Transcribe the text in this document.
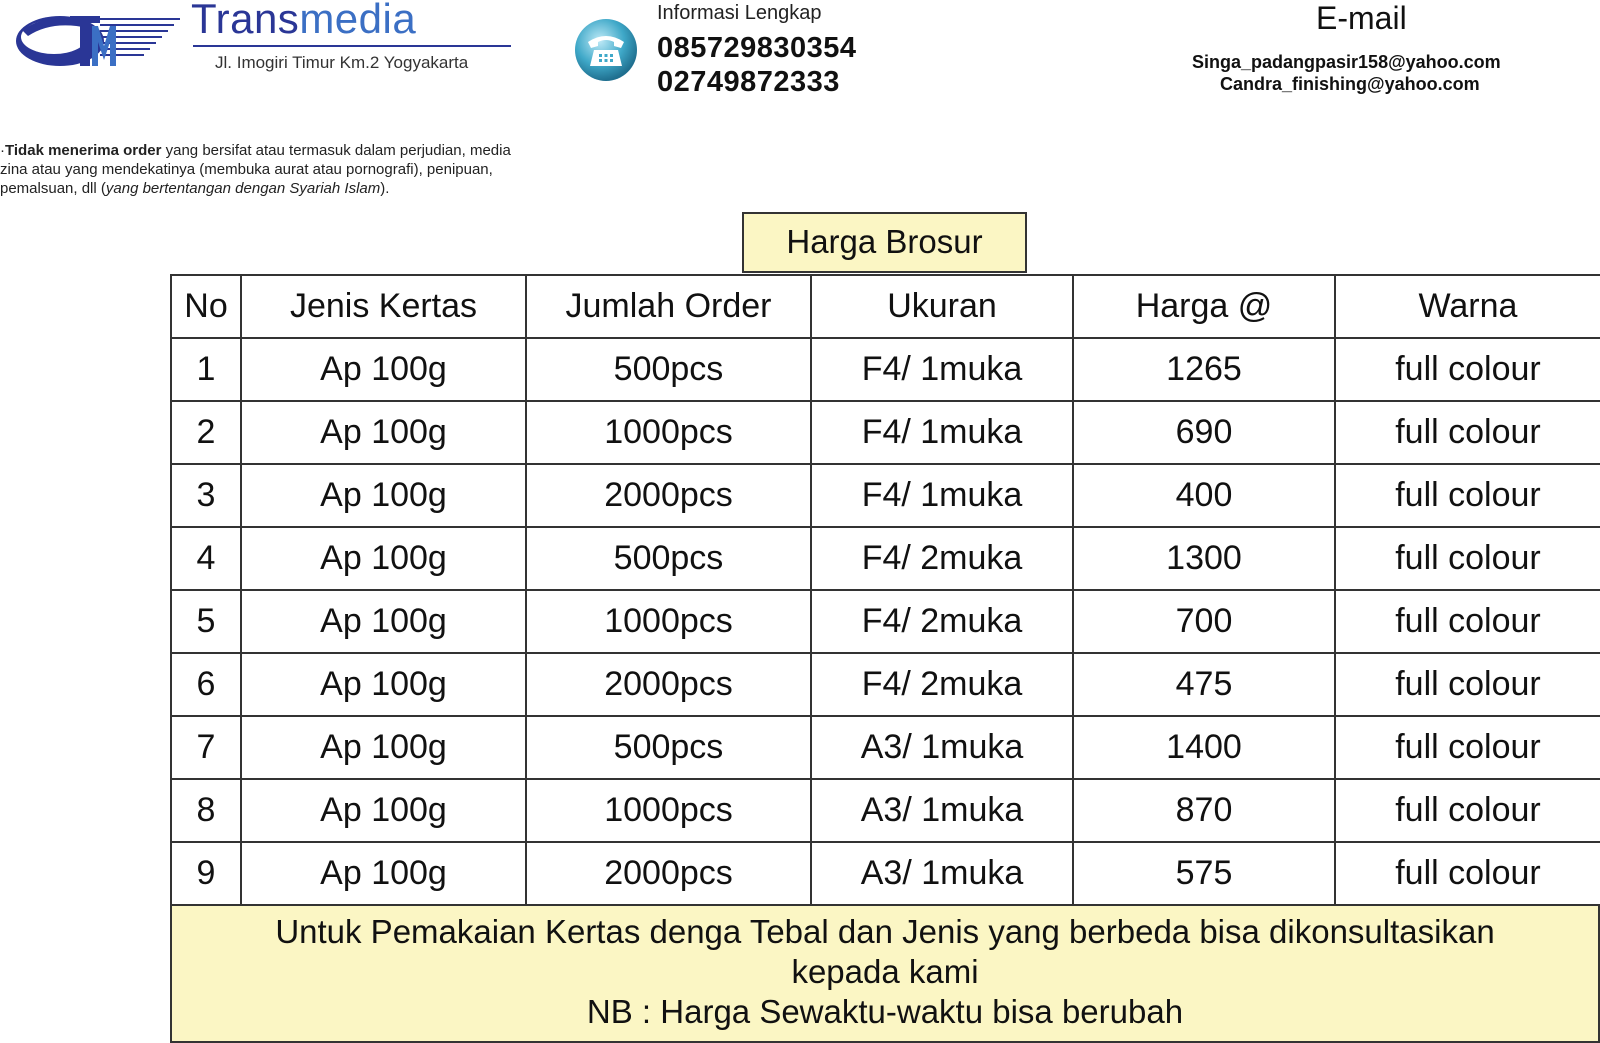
Transmedia
Jl. Imogiri Timur Km.2 Yogyakarta
Informasi Lengkap
085729830354
02749872333
E-mail
Singa_padangpasir158@yahoo.com
Candra_finishing@yahoo.com
·Tidak menerima order yang bersifat atau termasuk dalam perjudian, media zina atau yang mendekatinya (membuka aurat atau pornografi), penipuan, pemalsuan, dll (yang bertentangan dengan Syariah Islam).
Harga Brosur
No	Jenis Kertas	Jumlah Order	Ukuran	Harga @	Warna
1	Ap 100g	500pcs	F4/ 1muka	1265	full colour
2	Ap 100g	1000pcs	F4/ 1muka	690	full colour
3	Ap 100g	2000pcs	F4/ 1muka	400	full colour
4	Ap 100g	500pcs	F4/ 2muka	1300	full colour
5	Ap 100g	1000pcs	F4/ 2muka	700	full colour
6	Ap 100g	2000pcs	F4/ 2muka	475	full colour
7	Ap 100g	500pcs	A3/ 1muka	1400	full colour
8	Ap 100g	1000pcs	A3/ 1muka	870	full colour
9	Ap 100g	2000pcs	A3/ 1muka	575	full colour
Untuk Pemakaian Kertas denga Tebal dan Jenis yang berbeda bisa dikonsultasikan
kepada kami
NB : Harga Sewaktu-waktu bisa berubah
